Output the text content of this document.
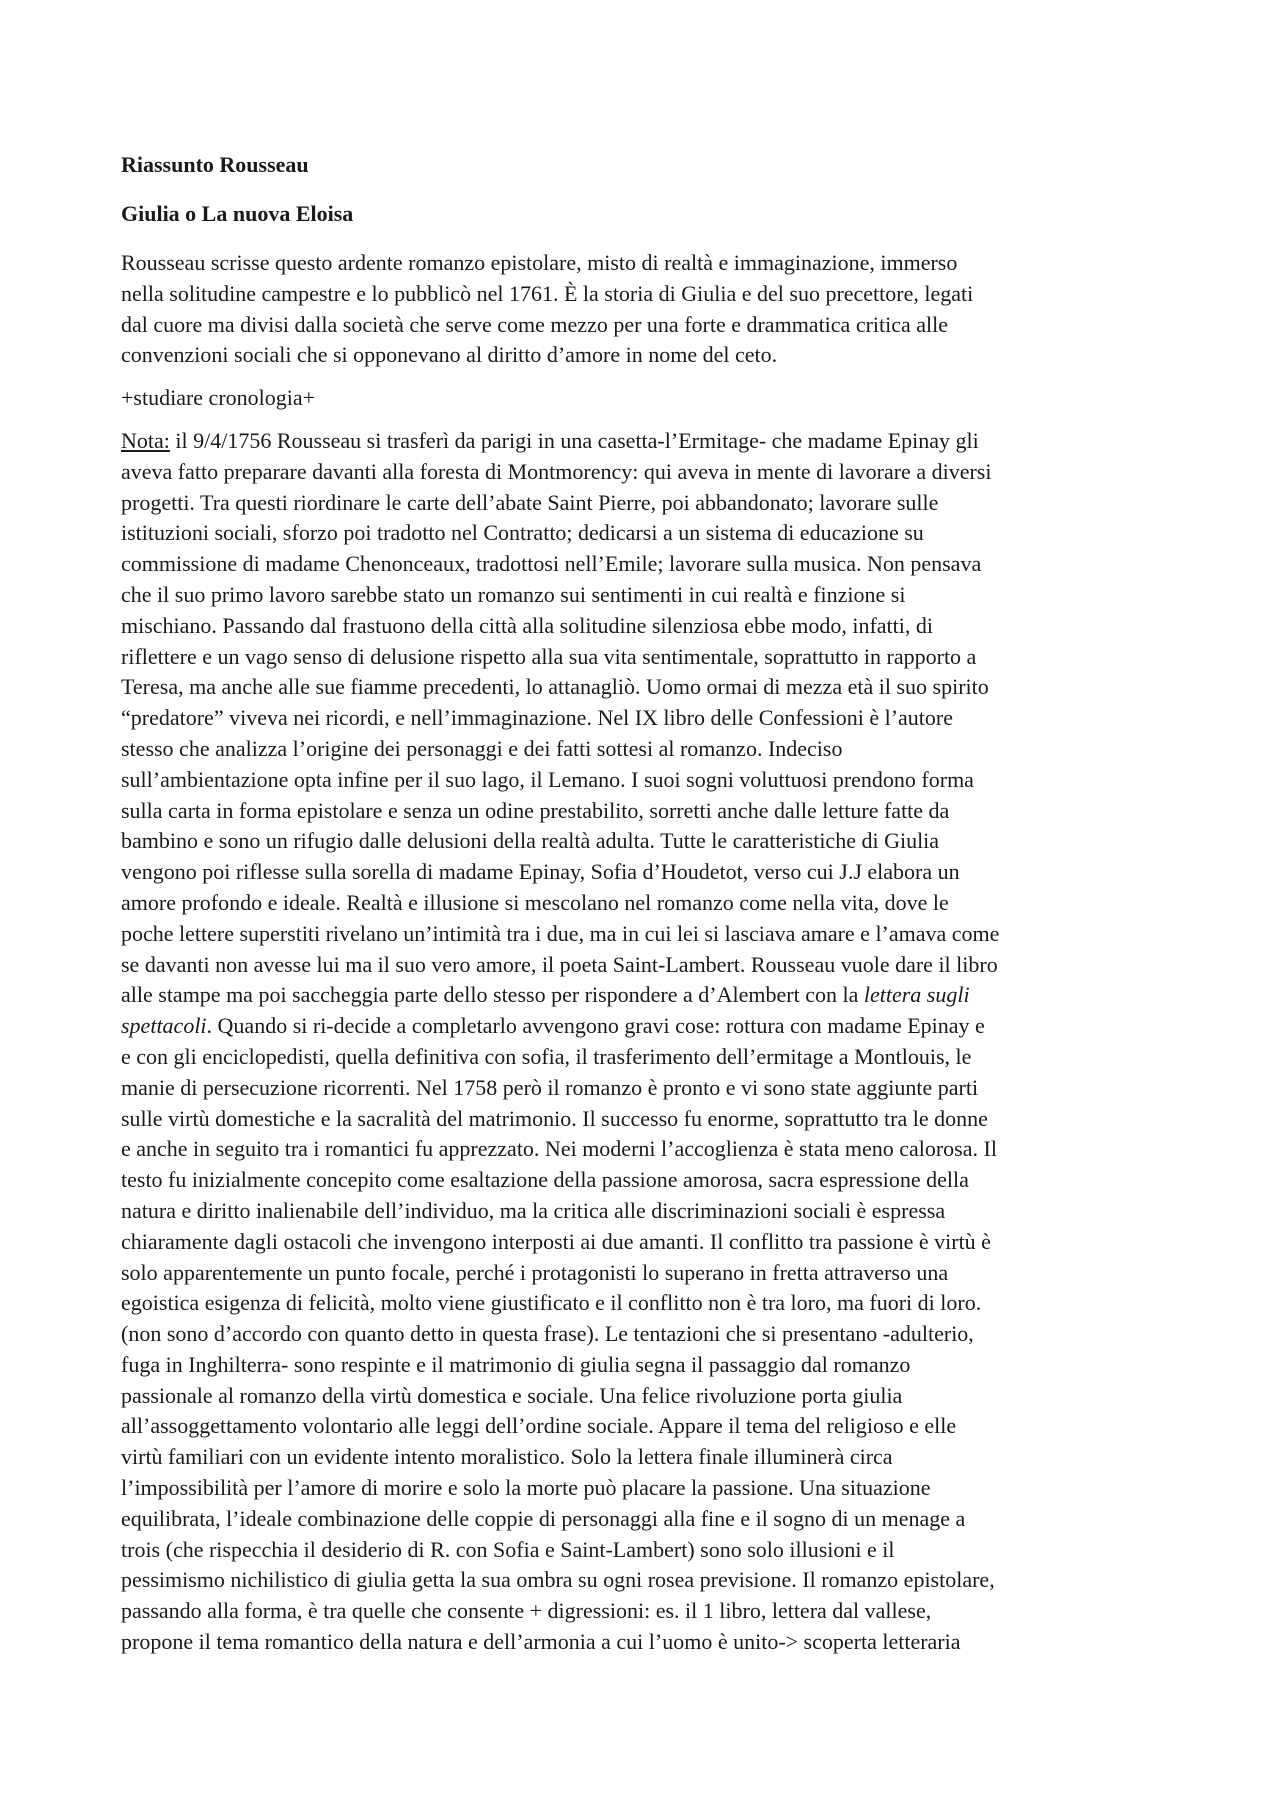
Riassunto Rousseau
Giulia o La nuova Eloisa
Rousseau scrisse questo ardente romanzo epistolare, misto di realtà e immaginazione, immerso
nella solitudine campestre e lo pubblicò nel 1761. È la storia di Giulia e del suo precettore, legati
dal cuore ma divisi dalla società che serve come mezzo per una forte e drammatica critica alle
convenzioni sociali che si opponevano al diritto d’amore in nome del ceto.
+studiare cronologia+
Nota: il 9/4/1756 Rousseau si trasferì da parigi in una casetta-l’Ermitage- che madame Epinay gli
aveva fatto preparare davanti alla foresta di Montmorency: qui aveva in mente di lavorare a diversi
progetti. Tra questi riordinare le carte dell’abate Saint Pierre, poi abbandonato; lavorare sulle
istituzioni sociali, sforzo poi tradotto nel Contratto; dedicarsi a un sistema di educazione su
commissione di madame Chenonceaux, tradottosi nell’Emile; lavorare sulla musica. Non pensava
che il suo primo lavoro sarebbe stato un romanzo sui sentimenti in cui realtà e finzione si
mischiano. Passando dal frastuono della città alla solitudine silenziosa ebbe modo, infatti, di
riflettere e un vago senso di delusione rispetto alla sua vita sentimentale, soprattutto in rapporto a
Teresa, ma anche alle sue fiamme precedenti, lo attanagliò. Uomo ormai di mezza età il suo spirito
“predatore” viveva nei ricordi, e nell’immaginazione. Nel IX libro delle Confessioni è l’autore
stesso che analizza l’origine dei personaggi e dei fatti sottesi al romanzo. Indeciso
sull’ambientazione opta infine per il suo lago, il Lemano. I suoi sogni voluttuosi prendono forma
sulla carta in forma epistolare e senza un odine prestabilito, sorretti anche dalle letture fatte da
bambino e sono un rifugio dalle delusioni della realtà adulta. Tutte le caratteristiche di Giulia
vengono poi riflesse sulla sorella di madame Epinay, Sofia d’Houdetot, verso cui J.J elabora un
amore profondo e ideale. Realtà e illusione si mescolano nel romanzo come nella vita, dove le
poche lettere superstiti rivelano un’intimità tra i due, ma in cui lei si lasciava amare e l’amava come
se davanti non avesse lui ma il suo vero amore, il poeta Saint-Lambert. Rousseau vuole dare il libro
alle stampe ma poi saccheggia parte dello stesso per rispondere a d’Alembert con la lettera sugli
spettacoli. Quando si ri-decide a completarlo avvengono gravi cose: rottura con madame Epinay e
e con gli enciclopedisti, quella definitiva con sofia, il trasferimento dell’ermitage a Montlouis, le
manie di persecuzione ricorrenti. Nel 1758 però il romanzo è pronto e vi sono state aggiunte parti
sulle virtù domestiche e la sacralità del matrimonio. Il successo fu enorme, soprattutto tra le donne
e anche in seguito tra i romantici fu apprezzato. Nei moderni l’accoglienza è stata meno calorosa. Il
testo fu inizialmente concepito come esaltazione della passione amorosa, sacra espressione della
natura e diritto inalienabile dell’individuo, ma la critica alle discriminazioni sociali è espressa
chiaramente dagli ostacoli che invengono interposti ai due amanti. Il conflitto tra passione è virtù è
solo apparentemente un punto focale, perché i protagonisti lo superano in fretta attraverso una
egoistica esigenza di felicità, molto viene giustificato e il conflitto non è tra loro, ma fuori di loro.
(non sono d’accordo con quanto detto in questa frase). Le tentazioni che si presentano -adulterio,
fuga in Inghilterra- sono respinte e il matrimonio di giulia segna il passaggio dal romanzo
passionale al romanzo della virtù domestica e sociale. Una felice rivoluzione porta giulia
all’assoggettamento volontario alle leggi dell’ordine sociale. Appare il tema del religioso e elle
virtù familiari con un evidente intento moralistico. Solo la lettera finale illuminerà circa
l’impossibilità per l’amore di morire e solo la morte può placare la passione. Una situazione
equilibrata, l’ideale combinazione delle coppie di personaggi alla fine e il sogno di un menage a
trois (che rispecchia il desiderio di R. con Sofia e Saint-Lambert) sono solo illusioni e il
pessimismo nichilistico di giulia getta la sua ombra su ogni rosea previsione. Il romanzo epistolare,
passando alla forma, è tra quelle che consente + digressioni: es. il 1 libro, lettera dal vallese,
propone il tema romantico della natura e dell’armonia a cui l’uomo è unito-> scoperta letteraria
